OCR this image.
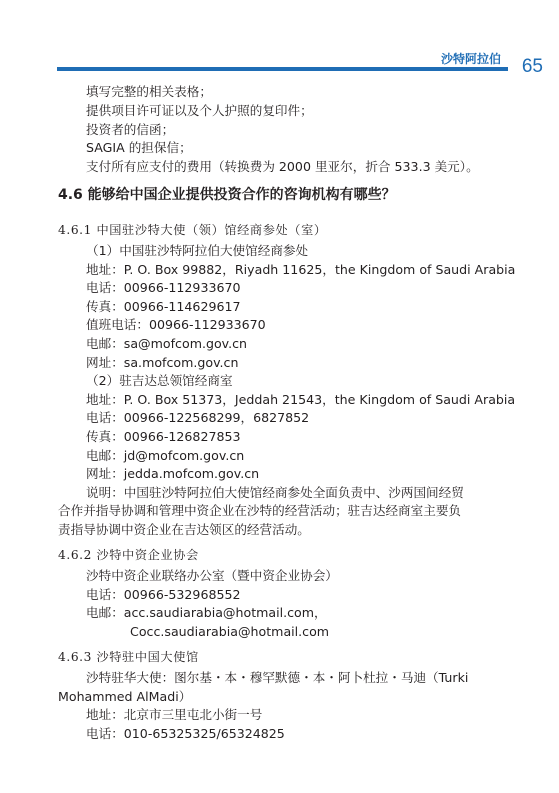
沙特阿拉伯 65
填写完整的相关表格；
提供项目许可证以及个人护照的复印件；
投资者的信函；
SAGIA 的担保信；
支付所有应支付的费用（转换费为 2000 里亚尔，折合 533.3 美元）。
4.6 能够给中国企业提供投资合作的咨询机构有哪些？
4.6.1 中国驻沙特大使（领）馆经商参处（室）
（1）中国驻沙特阿拉伯大使馆经商参处
地址：P. O. Box 99882，Riyadh 11625，the Kingdom of Saudi Arabia
电话：00966-112933670
传真：00966-114629617
值班电话：00966-112933670
电邮：sa@mofcom.gov.cn
网址：sa.mofcom.gov.cn
（2）驻吉达总领馆经商室
地址：P. O. Box 51373，Jeddah 21543，the Kingdom of Saudi Arabia
电话：00966-122568299，6827852
传真：00966-126827853
电邮：jd@mofcom.gov.cn
网址：jedda.mofcom.gov.cn
说明：中国驻沙特阿拉伯大使馆经商参处全面负责中、沙两国间经贸
合作并指导协调和管理中资企业在沙特的经营活动；驻吉达经商室主要负
责指导协调中资企业在吉达领区的经营活动。
4.6.2 沙特中资企业协会
沙特中资企业联络办公室（暨中资企业协会）
电话：00966-532968552
电邮：acc.saudiarabia@hotmail.com，
Cocc.saudiarabia@hotmail.com
4.6.3 沙特驻中国大使馆
沙特驻华大使：图尔基・本・穆罕默德・本・阿卜杜拉・马迪（Turki
Mohammed AlMadi）
地址：北京市三里屯北小街一号
电话：010-65325325/65324825
